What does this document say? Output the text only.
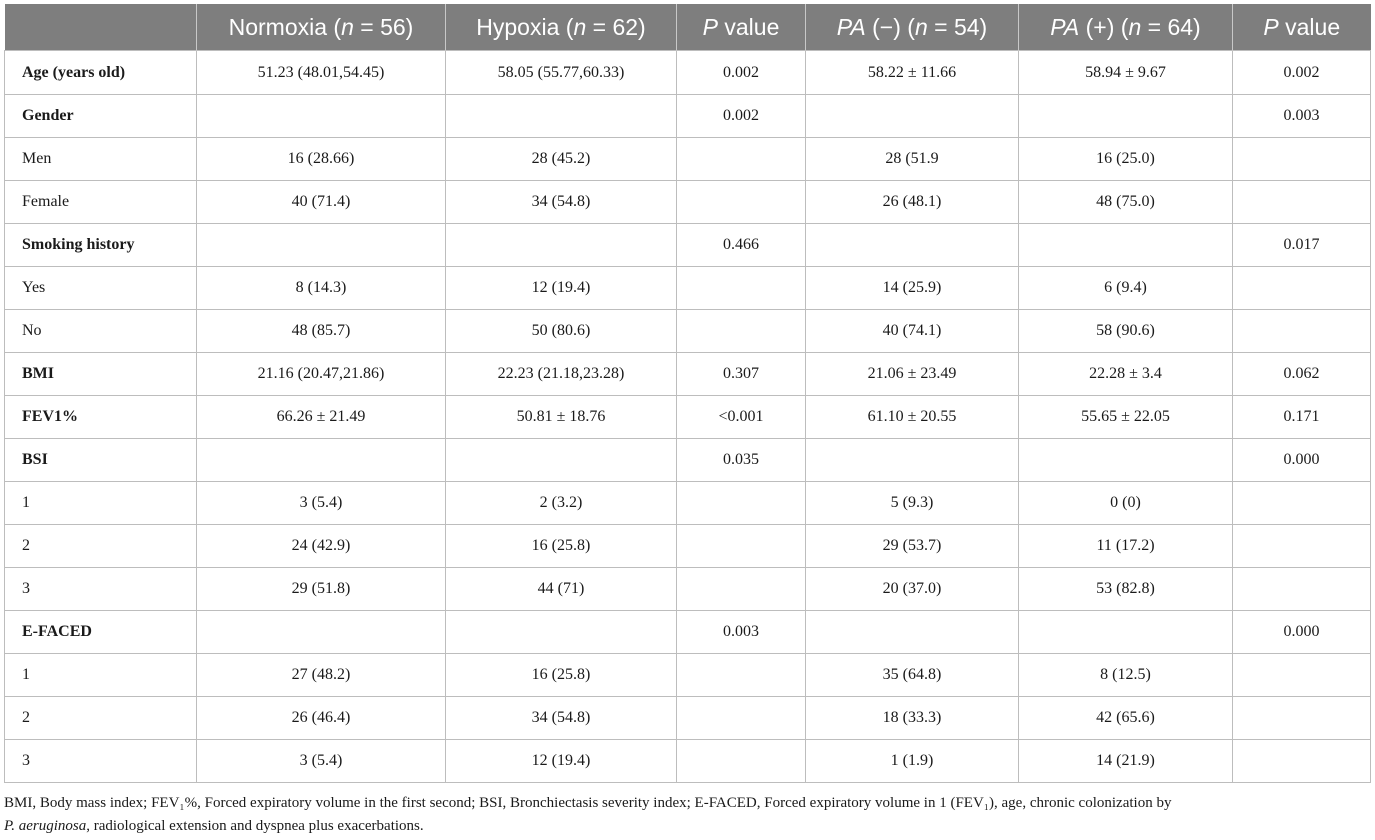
	Normoxia (n = 56)	Hypoxia (n = 62)	P value	PA (−) (n = 54)	PA (+) (n = 64)	P value
Age (years old)	51.23 (48.01,54.45)	58.05 (55.77,60.33)	0.002	58.22 ± 11.66	58.94 ± 9.67	0.002
Gender			0.002			0.003
Men	16 (28.66)	28 (45.2)		28 (51.9	16 (25.0)	
Female	40 (71.4)	34 (54.8)		26 (48.1)	48 (75.0)	
Smoking history			0.466			0.017
Yes	8 (14.3)	12 (19.4)		14 (25.9)	6 (9.4)	
No	48 (85.7)	50 (80.6)		40 (74.1)	58 (90.6)	
BMI	21.16 (20.47,21.86)	22.23 (21.18,23.28)	0.307	21.06 ± 23.49	22.28 ± 3.4	0.062
FEV1%	66.26 ± 21.49	50.81 ± 18.76	<0.001	61.10 ± 20.55	55.65 ± 22.05	0.171
BSI			0.035			0.000
1	3 (5.4)	2 (3.2)		5 (9.3)	0 (0)	
2	24 (42.9)	16 (25.8)		29 (53.7)	11 (17.2)	
3	29 (51.8)	44 (71)		20 (37.0)	53 (82.8)	
E-FACED			0.003			0.000
1	27 (48.2)	16 (25.8)		35 (64.8)	8 (12.5)	
2	26 (46.4)	34 (54.8)		18 (33.3)	42 (65.6)	
3	3 (5.4)	12 (19.4)		1 (1.9)	14 (21.9)	
BMI, Body mass index; FEV₁%, Forced expiratory volume in the first second; BSI, Bronchiectasis severity index; E-FACED, Forced expiratory volume in 1 (FEV₁), age, chronic colonization by
P. aeruginosa, radiological extension and dyspnea plus exacerbations.
